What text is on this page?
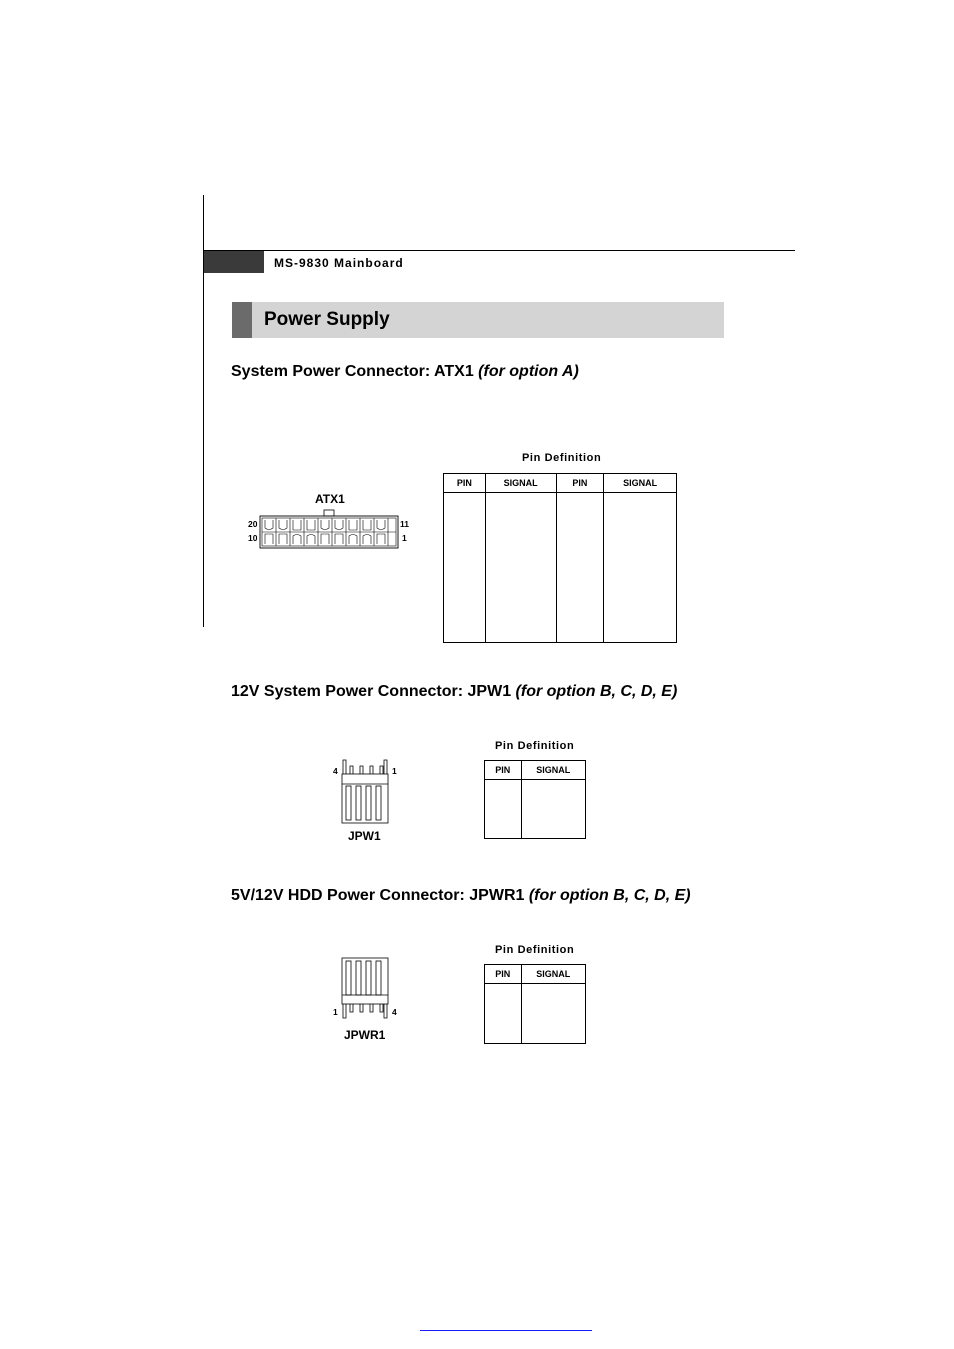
MS-9830 Mainboard
Power Supply
System Power Connector: ATX1 (for option A)
ATX1
20	11
10	1
Pin Definition
PIN	SIGNAL	PIN	SIGNAL

12V System Power Connector: JPW1 (for option B, C, D, E)
4	1
JPW1
Pin Definition
PIN	SIGNAL

5V/12V HDD Power Connector: JPWR1 (for option B, C, D, E)
1	4
JPWR1
Pin Definition
PIN	SIGNAL
